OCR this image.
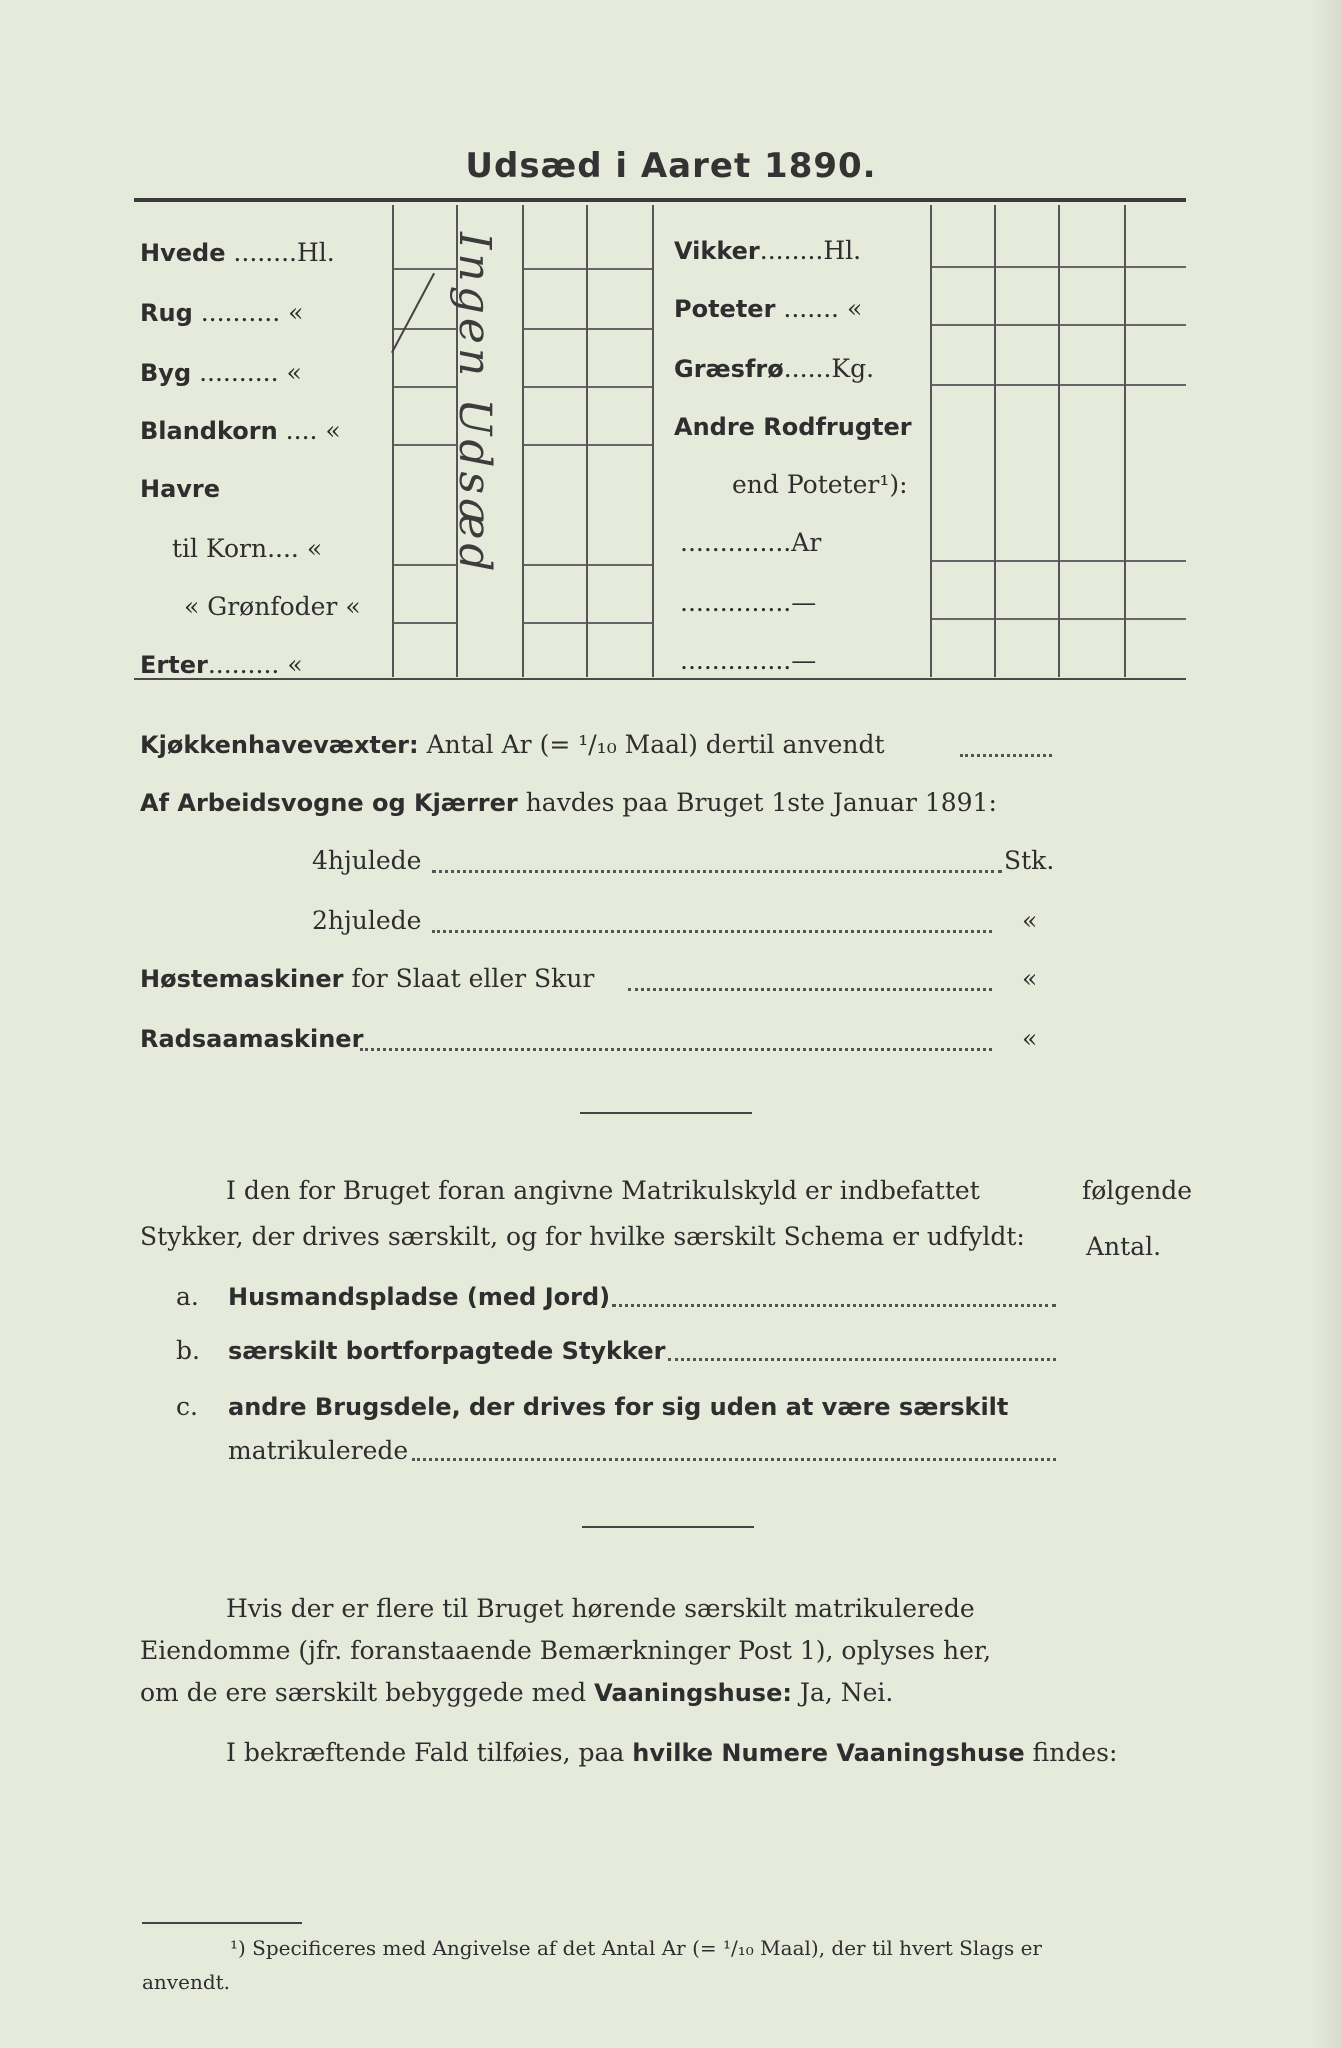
Udsæd i Aaret 1890.
Ingen Udsæd
Hvede ........Hl.
Rug .......... «
Byg .......... «
Blandkorn .... «
Havre
til Korn.... «
« Grønfoder «
Erter......... «
Vikker........Hl.
Poteter ....... «
Græsfrø......Kg.
Andre Rodfrugter
end Poteter¹):
..............Ar
..............—
..............—
Kjøkkenhavevæxter: Antal Ar (= ¹/₁₀ Maal) dertil anvendt
Af Arbeidsvogne og Kjærrer havdes paa Bruget 1ste Januar 1891:
4hjulede	Stk.
2hjulede	«
Høstemaskiner for Slaat eller Skur	«
Radsaamaskiner	«
I den for Bruget foran angivne Matrikulskyld er indbefattet	følgende
Stykker, der drives særskilt, og for hvilke særskilt Schema er udfyldt: Antal.
a. Husmandspladse (med Jord)
b. særskilt bortforpagtede Stykker
c. andre Brugsdele, der drives for sig uden at være særskilt
matrikulerede
Hvis der er flere til Bruget hørende særskilt matrikulerede
Eiendomme (jfr. foranstaaende Bemærkninger Post 1), oplyses her,
om de ere særskilt bebyggede med Vaaningshuse: Ja, Nei.
I bekræftende Fald tilføies, paa hvilke Numere Vaaningshuse findes:
¹) Specificeres med Angivelse af det Antal Ar (= ¹/₁₀ Maal), der til hvert Slags er
anvendt.
